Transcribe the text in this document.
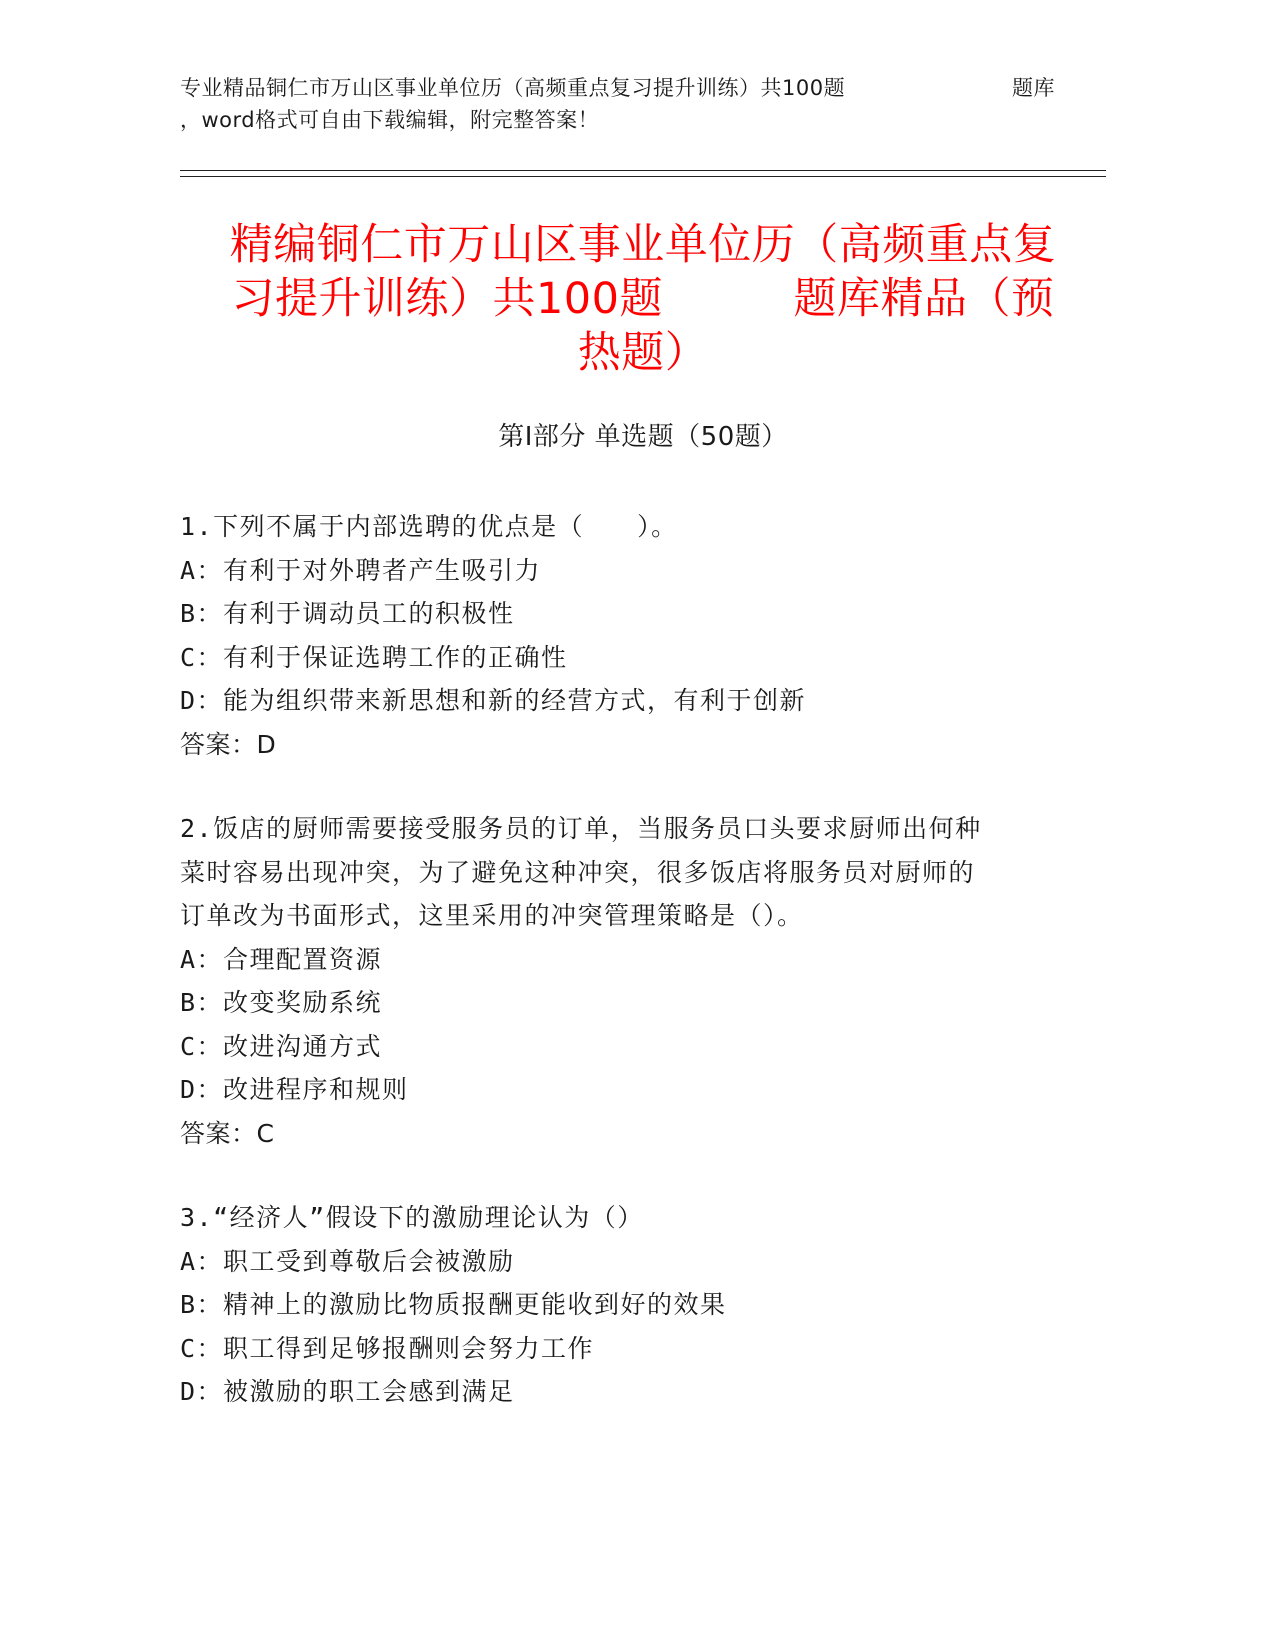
专业精品铜仁市万山区事业单位历（高频重点复习提升训练）共100题	题库
，word格式可自由下载编辑，附完整答案！
精编铜仁市万山区事业单位历（高频重点复
习提升训练）共100题　　　题库精品（预
热题）
第Ⅰ部分 单选题（50题）

1.下列不属于内部选聘的优点是（　　）。

A：有利于对外聘者产生吸引力

B：有利于调动员工的积极性

C：有利于保证选聘工作的正确性

D：能为组织带来新思想和新的经营方式，有利于创新

答案：D

2.饭店的厨师需要接受服务员的订单，当服务员口头要求厨师出何种

菜时容易出现冲突，为了避免这种冲突，很多饭店将服务员对厨师的

订单改为书面形式，这里采用的冲突管理策略是（）。

A：合理配置资源

B：改变奖励系统

C：改进沟通方式

D：改进程序和规则

答案：C

3.“经济人”假设下的激励理论认为（）

A：职工受到尊敬后会被激励

B：精神上的激励比物质报酬更能收到好的效果

C：职工得到足够报酬则会努力工作

D：被激励的职工会感到满足
